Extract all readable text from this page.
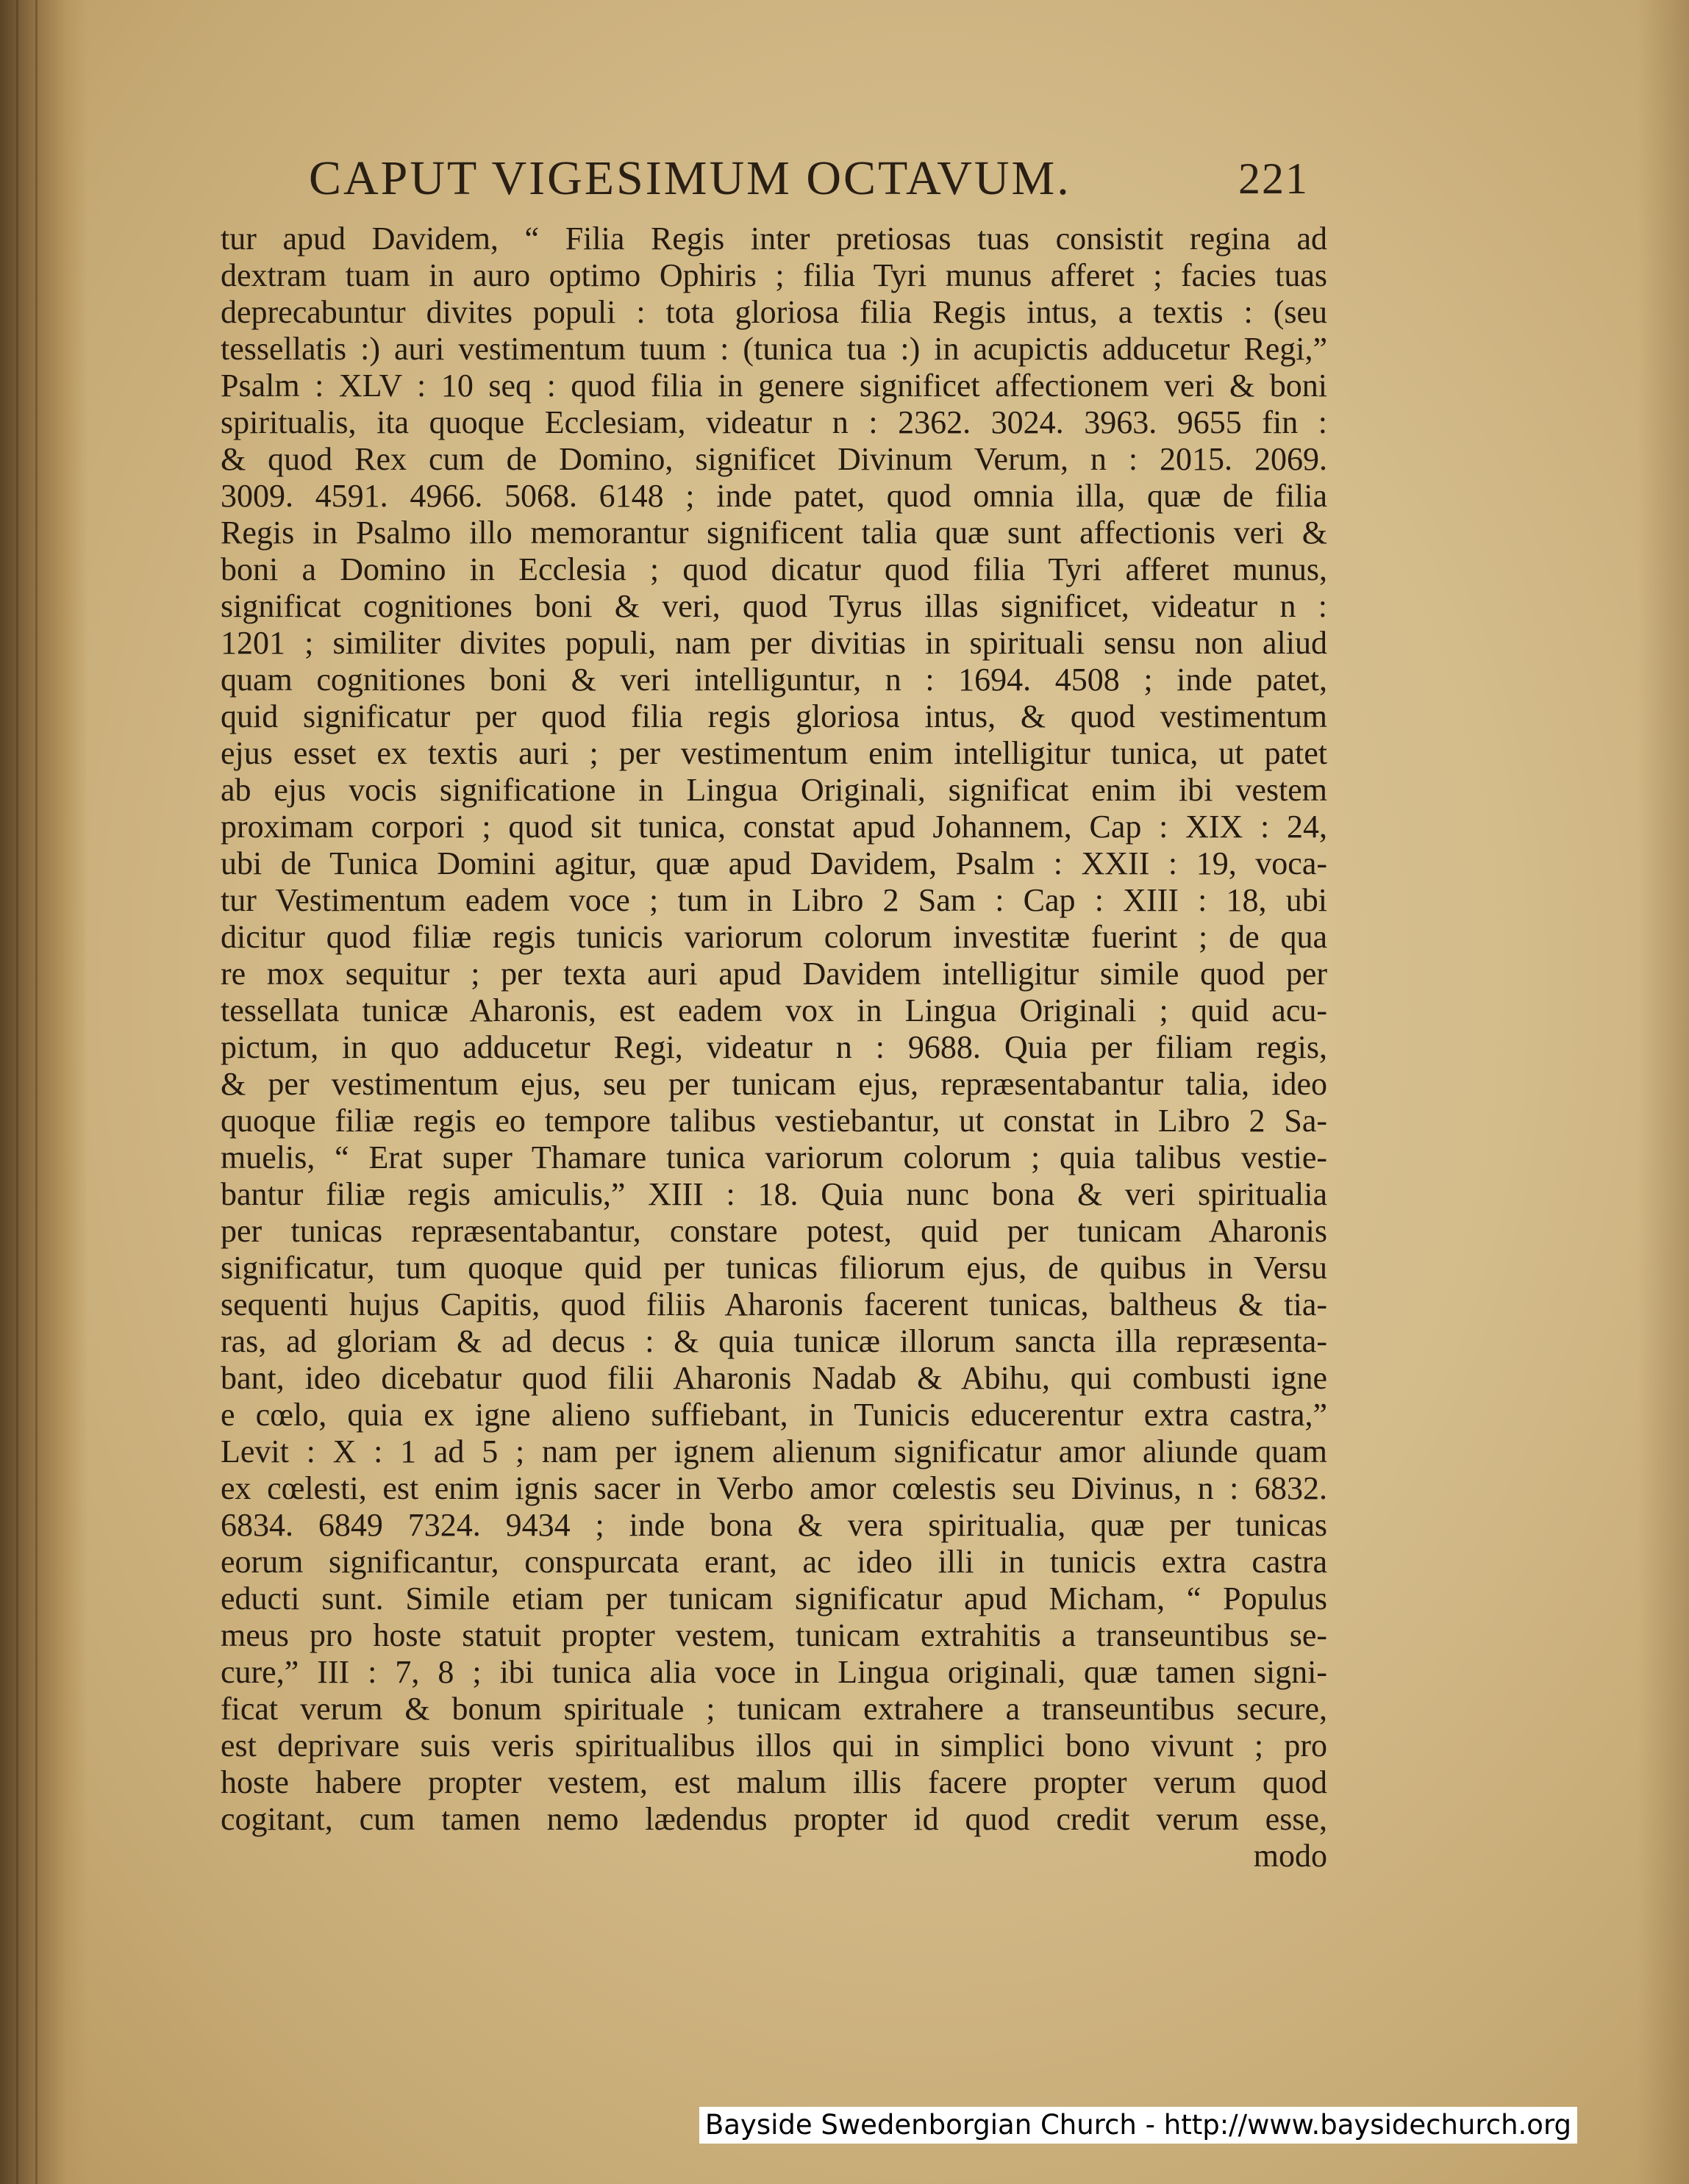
CAPUT VIGESIMUM OCTAVUM.	221
tur apud Davidem, “ Filia Regis inter pretiosas tuas consistit regina ad
dextram tuam in auro optimo Ophiris ; filia Tyri munus afferet ; facies tuas
deprecabuntur divites populi : tota gloriosa filia Regis intus, a textis : (seu
tessellatis :) auri vestimentum tuum : (tunica tua :) in acupictis adducetur Regi,”
Psalm : XLV : 10 seq : quod filia in genere significet affectionem veri & boni
spiritualis, ita quoque Ecclesiam, videatur n : 2362. 3024. 3963. 9655 fin :
& quod Rex cum de Domino, significet Divinum Verum, n : 2015. 2069.
3009. 4591. 4966. 5068. 6148 ; inde patet, quod omnia illa, quæ de filia
Regis in Psalmo illo memorantur significent talia quæ sunt affectionis veri &
boni a Domino in Ecclesia ; quod dicatur quod filia Tyri afferet munus,
significat cognitiones boni & veri, quod Tyrus illas significet, videatur n :
1201 ; similiter divites populi, nam per divitias in spirituali sensu non aliud
quam cognitiones boni & veri intelliguntur, n : 1694. 4508 ; inde patet,
quid significatur per quod filia regis gloriosa intus, & quod vestimentum
ejus esset ex textis auri ; per vestimentum enim intelligitur tunica, ut patet
ab ejus vocis significatione in Lingua Originali, significat enim ibi vestem
proximam corpori ; quod sit tunica, constat apud Johannem, Cap : XIX : 24,
ubi de Tunica Domini agitur, quæ apud Davidem, Psalm : XXII : 19, voca-
tur Vestimentum eadem voce ; tum in Libro 2 Sam : Cap : XIII : 18, ubi
dicitur quod filiæ regis tunicis variorum colorum investitæ fuerint ; de qua
re mox sequitur ; per texta auri apud Davidem intelligitur simile quod per
tessellata tunicæ Aharonis, est eadem vox in Lingua Originali ; quid acu-
pictum, in quo adducetur Regi, videatur n : 9688. Quia per filiam regis,
& per vestimentum ejus, seu per tunicam ejus, repræsentabantur talia, ideo
quoque filiæ regis eo tempore talibus vestiebantur, ut constat in Libro 2 Sa-
muelis, “ Erat super Thamare tunica variorum colorum ; quia talibus vestie-
bantur filiæ regis amiculis,” XIII : 18. Quia nunc bona & veri spiritualia
per tunicas repræsentabantur, constare potest, quid per tunicam Aharonis
significatur, tum quoque quid per tunicas filiorum ejus, de quibus in Versu
sequenti hujus Capitis, quod filiis Aharonis facerent tunicas, baltheus & tia-
ras, ad gloriam & ad decus : & quia tunicæ illorum sancta illa repræsenta-
bant, ideo dicebatur quod filii Aharonis Nadab & Abihu, qui combusti igne
e cœlo, quia ex igne alieno suffiebant, in Tunicis educerentur extra castra,”
Levit : X : 1 ad 5 ; nam per ignem alienum significatur amor aliunde quam
ex cœlesti, est enim ignis sacer in Verbo amor cœlestis seu Divinus, n : 6832.
6834. 6849 7324. 9434 ; inde bona & vera spiritualia, quæ per tunicas
eorum significantur, conspurcata erant, ac ideo illi in tunicis extra castra
educti sunt. Simile etiam per tunicam significatur apud Micham, “ Populus
meus pro hoste statuit propter vestem, tunicam extrahitis a transeuntibus se-
cure,” III : 7, 8 ; ibi tunica alia voce in Lingua originali, quæ tamen signi-
ficat verum & bonum spirituale ; tunicam extrahere a transeuntibus secure,
est deprivare suis veris spiritualibus illos qui in simplici bono vivunt ; pro
hoste habere propter vestem, est malum illis facere propter verum quod
cogitant, cum tamen nemo lædendus propter id quod credit verum esse,
modo
Bayside Swedenborgian Church - http://www.baysidechurch.org
